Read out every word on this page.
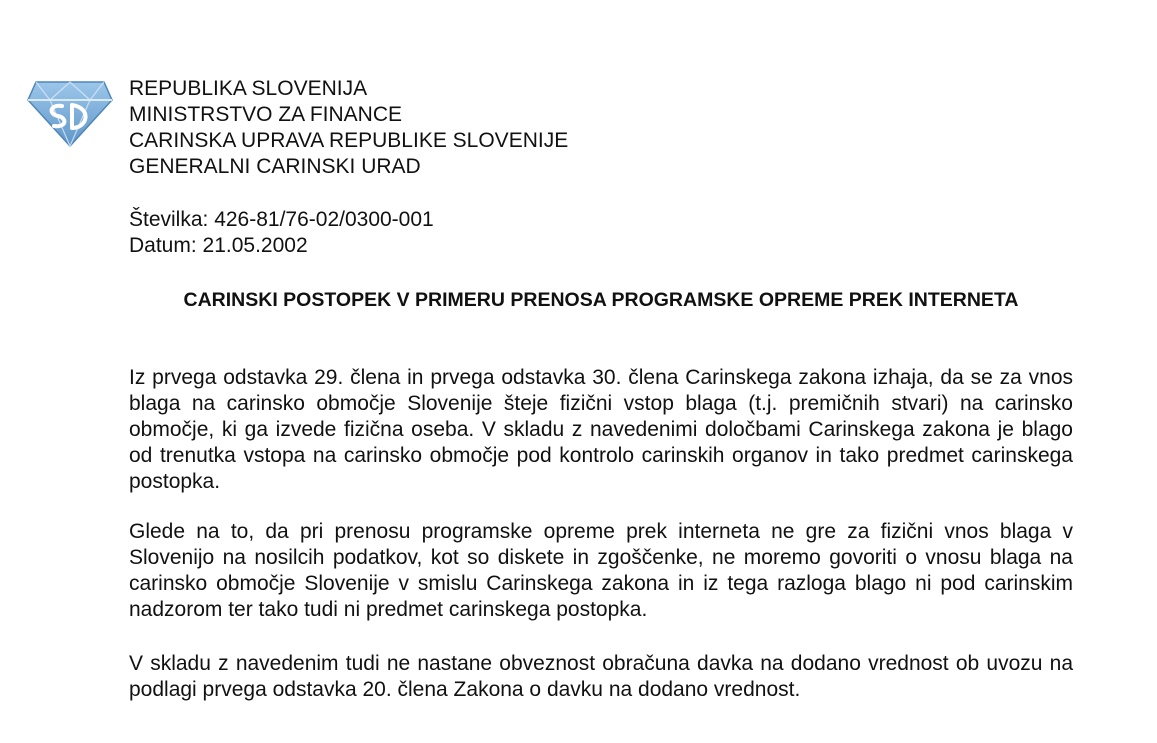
REPUBLIKA SLOVENIJA
MINISTRSTVO ZA FINANCE
CARINSKA UPRAVA REPUBLIKE SLOVENIJE
GENERALNI CARINSKI URAD
Številka: 426-81/76-02/0300-001
Datum: 21.05.2002
CARINSKI POSTOPEK V PRIMERU PRENOSA PROGRAMSKE OPREME PREK INTERNETA

Iz prvega odstavka 29. člena in prvega odstavka 30. člena Carinskega zakona izhaja, da se za vnos blaga na carinsko območje Slovenije šteje fizični vstop blaga (t.j. premičnih stvari) na carinsko območje, ki ga izvede fizična oseba. V skladu z navedenimi določbami Carinskega zakona je blago od trenutka vstopa na carinsko območje pod kontrolo carinskih organov in tako predmet carinskega postopka.

Glede na to, da pri prenosu programske opreme prek interneta ne gre za fizični vnos blaga v Slovenijo na nosilcih podatkov, kot so diskete in zgoščenke, ne moremo govoriti o vnosu blaga na carinsko območje Slovenije v smislu Carinskega zakona in iz tega razloga blago ni pod carinskim nadzorom ter tako tudi ni predmet carinskega postopka.

V skladu z navedenim tudi ne nastane obveznost obračuna davka na dodano vrednost ob uvozu na podlagi prvega odstavka 20. člena Zakona o davku na dodano vrednost.
